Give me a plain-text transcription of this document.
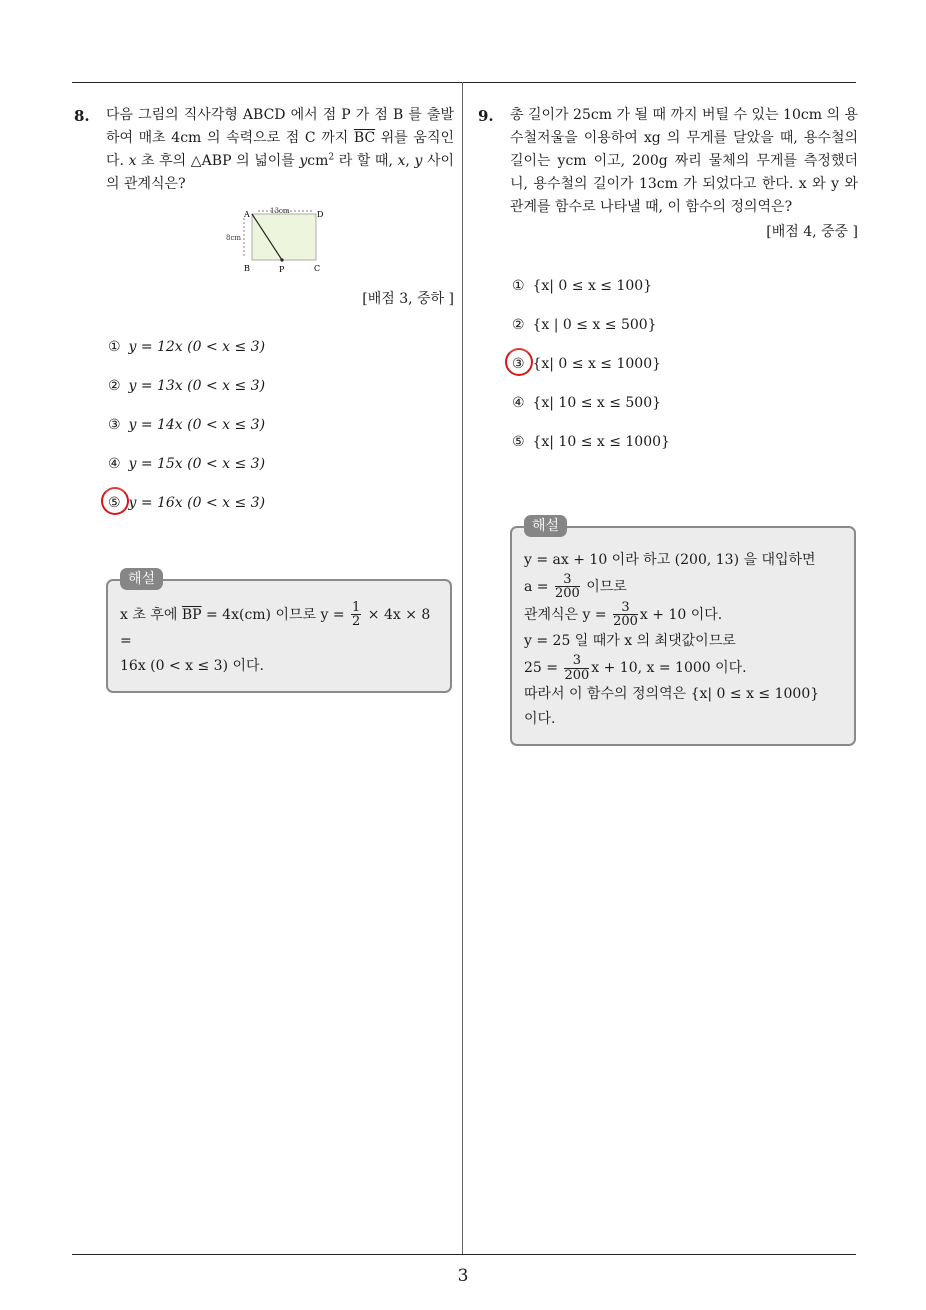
3
8.	다음 그림의 직사각형 ABCD 에서 점 P 가 점 B 를 출발하여 매초 4cm 의 속력으로 점 C 까지 $\overline{BC}$ 위를 움직인다. x 초 후의 △ABP 의 넓이를 ycm$^2$ 라 할 때, x, y 사이의 관계식은?
A	D
B	P	C
13cm
8cm
[배점 3, 중하 ]
① y = 12x (0 < x ≤ 3)
② y = 13x (0 < x ≤ 3)
③ y = 14x (0 < x ≤ 3)
④ y = 15x (0 < x ≤ 3)
⑤ y = 16x (0 < x ≤ 3)
해설
x 초 후에 $\overline{BP} = 4x(cm)$ 이므로 $y = \frac{1}{2} \times 4x \times 8$ =
16x (0 < x ≤ 3) 이다.
9.	총 길이가 25cm 가 될 때 까지 버틸 수 있는 10cm 의 용수철저울을 이용하여 xg 의 무게를 달았을 때, 용수철의 길이는 ycm 이고, 200g 짜리 물체의 무게를 측정했더니, 용수철의 길이가 13cm 가 되었다고 한다. x 와 y 와 관계를 함수로 나타낼 때, 이 함수의 정의역은?
[배점 4, 중중 ]
① {x| 0 ≤ x ≤ 100}
② {x | 0 ≤ x ≤ 500}
③ {x| 0 ≤ x ≤ 1000}
④ {x| 10 ≤ x ≤ 500}
⑤ {x| 10 ≤ x ≤ 1000}
해설
y = ax + 10 이라 하고 (200, 13) 을 대입하면
$a = \frac{3}{200}$ 이므로
관계식은 $y = \frac{3}{200}$ x + 10 이다.
y = 25 일 때가 x 의 최댓값이므로
$25 = \frac{3}{200}$ x + 10, x = 1000 이다.
따라서 이 함수의 정의역은 {x| 0 ≤ x ≤ 1000}
이다.
